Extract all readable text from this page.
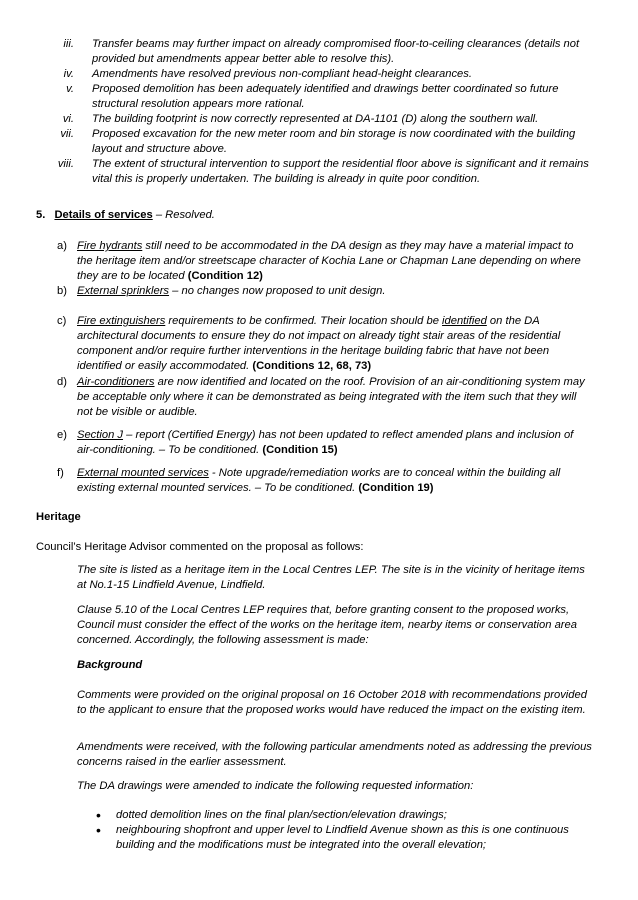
iii. Transfer beams may further impact on already compromised floor-to-ceiling clearances (details not provided but amendments appear better able to resolve this).
iv. Amendments have resolved previous non-compliant head-height clearances.
v. Proposed demolition has been adequately identified and drawings better coordinated so future structural resolution appears more rational.
vi. The building footprint is now correctly represented at DA-1101 (D) along the southern wall.
vii. Proposed excavation for the new meter room and bin storage is now coordinated with the building layout and structure above.
viii. The extent of structural intervention to support the residential floor above is significant and it remains vital this is properly undertaken. The building is already in quite poor condition.
5. Details of services – Resolved.
a) Fire hydrants still need to be accommodated in the DA design as they may have a material impact to the heritage item and/or streetscape character of Kochia Lane or Chapman Lane depending on where they are to be located (Condition 12)
b) External sprinklers – no changes now proposed to unit design.
c) Fire extinguishers requirements to be confirmed. Their location should be identified on the DA architectural documents to ensure they do not impact on already tight stair areas of the residential component and/or require further interventions in the heritage building fabric that have not been identified or easily accommodated. (Conditions 12, 68, 73)
d) Air-conditioners are now identified and located on the roof. Provision of an air-conditioning system may be acceptable only where it can be demonstrated as being integrated with the item such that they will not be visible or audible.
e) Section J – report (Certified Energy) has not been updated to reflect amended plans and inclusion of air-conditioning. – To be conditioned. (Condition 15)
f) External mounted services - Note upgrade/remediation works are to conceal within the building all existing external mounted services. – To be conditioned. (Condition 19)
Heritage
Council’s Heritage Advisor commented on the proposal as follows:
The site is listed as a heritage item in the Local Centres LEP. The site is in the vicinity of heritage items at No.1-15 Lindfield Avenue, Lindfield.
Clause 5.10 of the Local Centres LEP requires that, before granting consent to the proposed works, Council must consider the effect of the works on the heritage item, nearby items or conservation area concerned. Accordingly, the following assessment is made:
Background
Comments were provided on the original proposal on 16 October 2018 with recommendations provided to the applicant to ensure that the proposed works would have reduced the impact on the existing item.
Amendments were received, with the following particular amendments noted as addressing the previous concerns raised in the earlier assessment.
The DA drawings were amended to indicate the following requested information:
•	dotted demolition lines on the final plan/section/elevation drawings;
•	neighbouring shopfront and upper level to Lindfield Avenue shown as this is one continuous building and the modifications must be integrated into the overall elevation;
